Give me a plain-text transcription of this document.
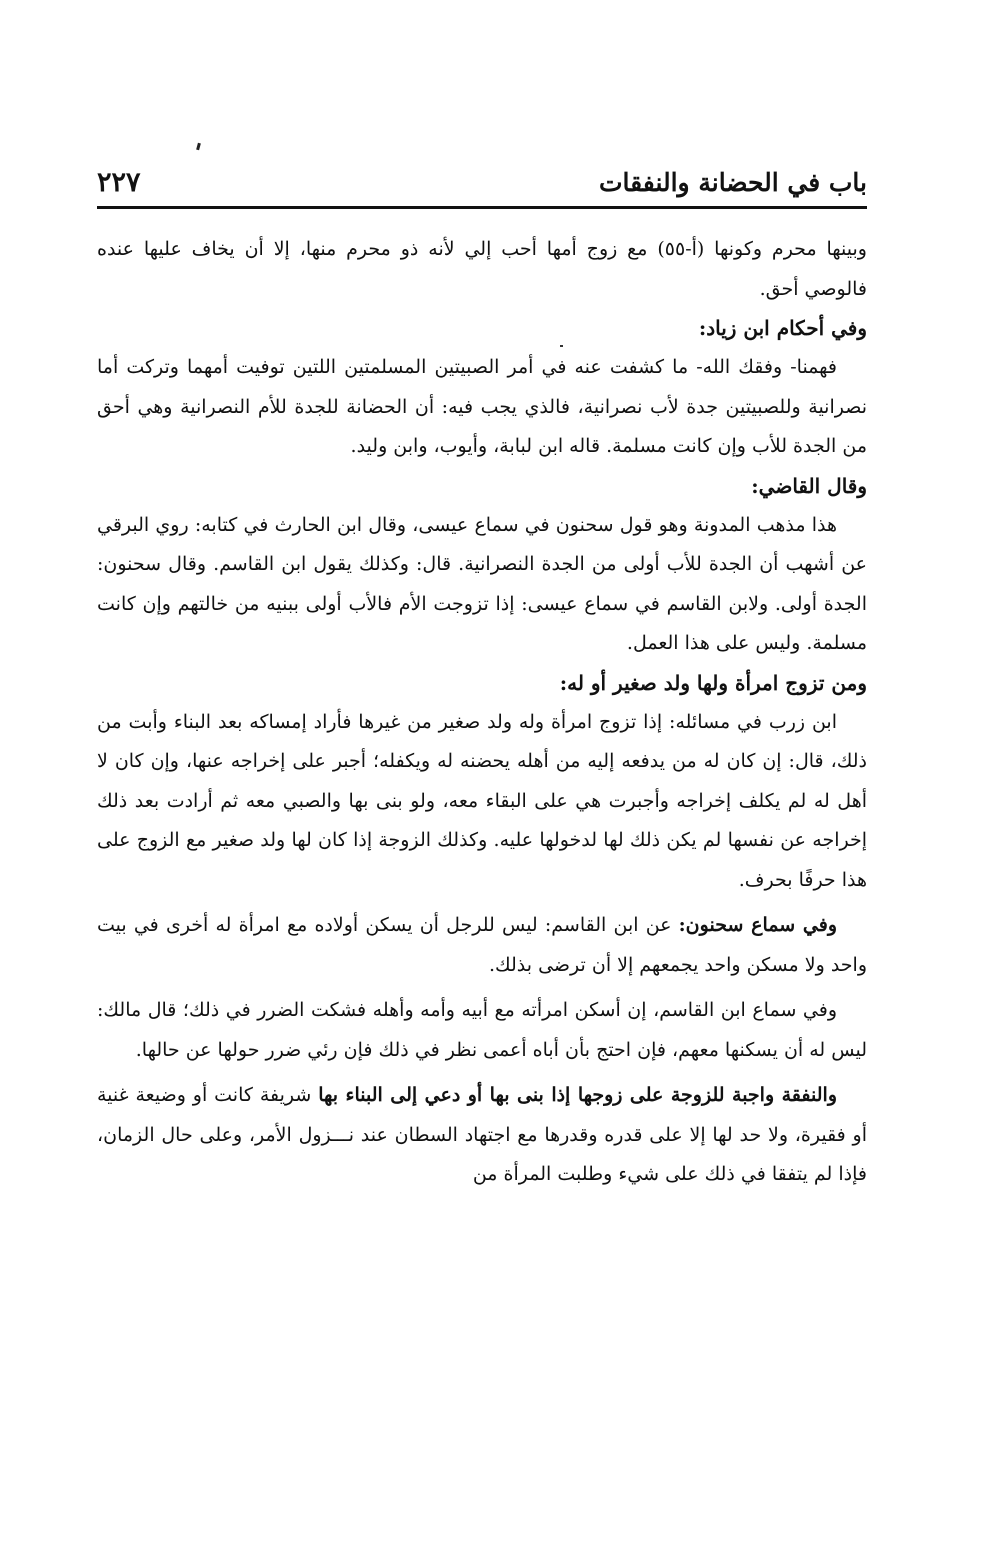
باب في الحضانة والنفقات
٢٢٧

وبينها محرم وكونها (أ-٥٥) مع زوج أمها أحب إلي لأنه ذو محرم منها، إلا أن يخاف عليها عنده فالوصي أحق.

وفي أحكام ابن زياد:

فهمنا- وفقك الله- ما كشفت عنه في أمر الصبيتين المسلمتين اللتين توفيت أمهما وتركت أما نصرانية وللصبيتين جدة لأب نصرانية، فالذي يجب فيه: أن الحضانة للجدة للأم النصرانية وهي أحق من الجدة للأب وإن كانت مسلمة. قاله ابن لبابة، وأيوب، وابن وليد.

وقال القاضي:

هذا مذهب المدونة وهو قول سحنون في سماع عيسى، وقال ابن الحارث في كتابه: روي البرقي عن أشهب أن الجدة للأب أولى من الجدة النصرانية. قال: وكذلك يقول ابن القاسم. وقال سحنون: الجدة أولى. ولابن القاسم في سماع عيسى: إذا تزوجت الأم فالأب أولى ببنيه من خالتهم وإن كانت مسلمة. وليس على هذا العمل.

ومن تزوج امرأة ولها ولد صغير أو له:

ابن زرب في مسائله: إذا تزوج امرأة وله ولد صغير من غيرها فأراد إمساكه بعد البناء وأبت من ذلك، قال: إن كان له من يدفعه إليه من أهله يحضنه له ويكفله؛ أجبر على إخراجه عنها، وإن كان لا أهل له لم يكلف إخراجه وأجبرت هي على البقاء معه، ولو بنى بها والصبي معه ثم أرادت بعد ذلك إخراجه عن نفسها لم يكن ذلك لها لدخولها عليه. وكذلك الزوجة إذا كان لها ولد صغير مع الزوج على هذا حرفًا بحرف.

وفي سماع سحنون: عن ابن القاسم: ليس للرجل أن يسكن أولاده مع امرأة له أخرى في بيت واحد ولا مسكن واحد يجمعهم إلا أن ترضى بذلك.

وفي سماع ابن القاسم، إن أسكن امرأته مع أبيه وأمه وأهله فشكت الضرر في ذلك؛ قال مالك: ليس له أن يسكنها معهم، فإن احتج بأن أباه أعمى نظر في ذلك فإن رئي ضرر حولها عن حالها.

والنفقة واجبة للزوجة على زوجها إذا بنى بها أو دعي إلى البناء بها شريفة كانت أو وضيعة غنية أو فقيرة، ولا حد لها إلا على قدره وقدرها مع اجتهاد السطان عند نـــزول الأمر، وعلى حال الزمان، فإذا لم يتفقا في ذلك على شيء وطلبت المرأة من
